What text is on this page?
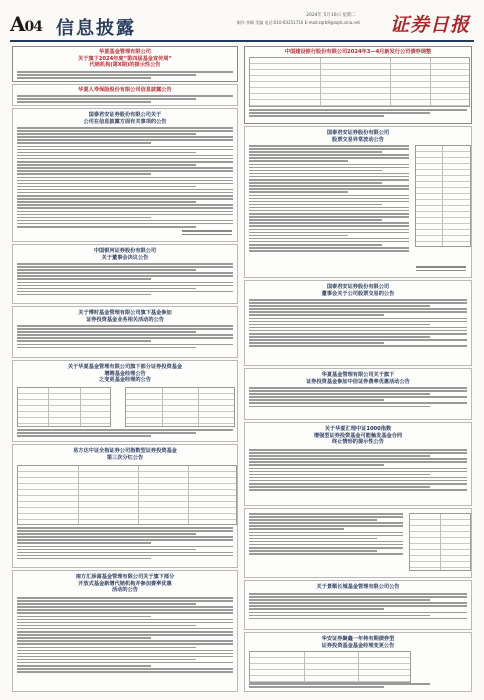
A04 信息披露
2024年 5月16日 星期二
制作 李琳 美编 电话:010-83251716 E-mail:zqrb9@zqrb.sina.net 证券日报
华夏基金管理有限公司
关于旗下2024年度“第四届基金宣传周”
代销机构(第X期)的提示性公告
华夏人寿保险股份有限公司信息披露公告
国泰君安证券股份有限公司关于
公司在信息披露方面有关事项的公告
中国银河证券股份有限公司
关于董事会决议公告
关于博时基金管理有限公司旗下基金参加
证券投资基金业务相关活动的公告
关于华夏基金管理有限公司旗下部分证券投资基金
增聘基金经理公告
之变更基金经理的公告
易方达中证全指证券公司指数型证券投资基金
第三次分红公告
南方汇添富基金管理有限公司关于旗下部分
开放式基金新增代销机构并参加费率优惠
活动的公告
中国建设银行股份有限公司2024年3—4月新发行公司债券调整
国泰君安证券股份有限公司
股票交易异常波动公告
国泰君安证券股份有限公司
董事会关于公司股票交易的公告
华夏基金管理有限公司关于旗下
证券投资基金参加中信证券费率优惠活动公告
关于华夏汇理中证1000指数
增强型证券投资基金可能触发基金合同
终止情形的提示性公告
关于景顺长城基金管理有限公司公告
华安证券聚鑫一年持有期债券型
证券投资基金基金经理变更公告
